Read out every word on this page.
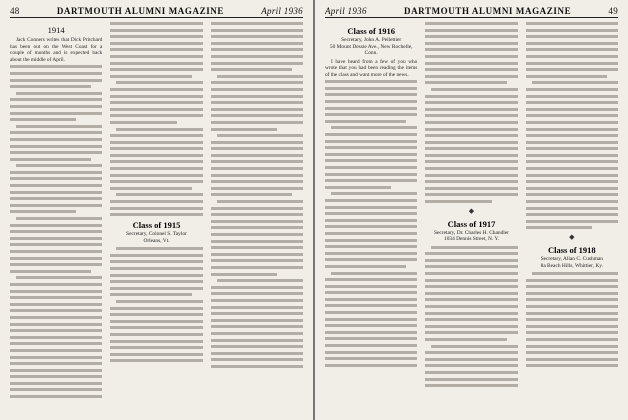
48	DARTMOUTH ALUMNI MAGAZINE	April 1936
1914

Jack Conners writes that Dick Pritchard has been out on the West Coast for a couple of months and is expected back about the middle of April.

Class of 1915
Secretary, Colonel S. Taylor
Orleans, Vt.
April 1936	DARTMOUTH ALUMNI MAGAZINE	49
Class of 1916
Secretary, John A. Pellettier
50 Mount Dessie Ave., New Rochelle, Conn.

I have heard from a few of you who wrote that you had been reading the items of the class and want more of the news.

◆
Class of 1917
Secretary, Dr. Charles H. Chandler
1034 Dennis Street, N. Y.	◆
Class of 1918
Secretary, Allan C. Cushman
8a Beach Hills, Whittier, Ky.
